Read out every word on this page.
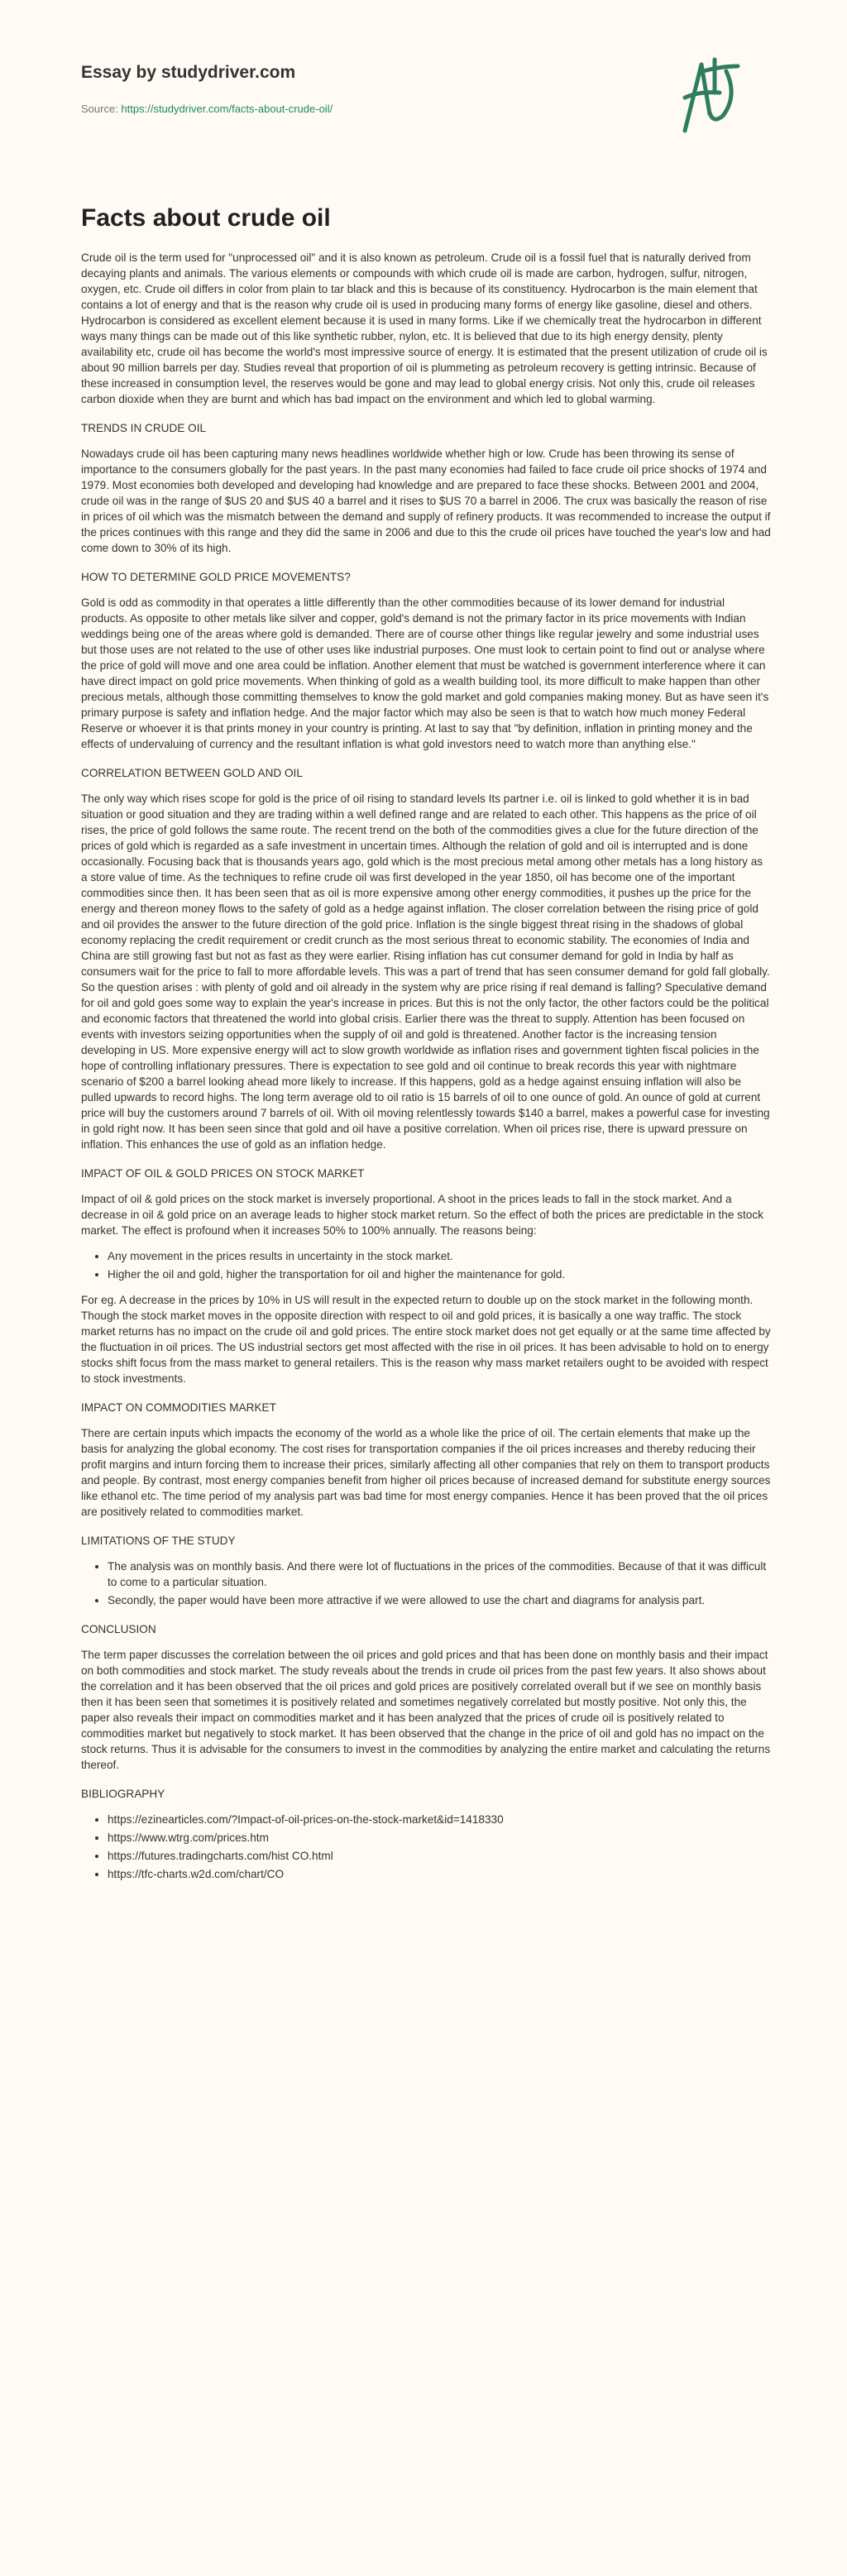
Essay by studydriver.com
Source: https://studydriver.com/facts-about-crude-oil/
Facts about crude oil

Crude oil is the term used for "unprocessed oil" and it is also known as petroleum. Crude oil is a fossil fuel that is naturally derived from decaying plants and animals. The various elements or compounds with which crude oil is made are carbon, hydrogen, sulfur, nitrogen, oxygen, etc. Crude oil differs in color from plain to tar black and this is because of its constituency. Hydrocarbon is the main element that contains a lot of energy and that is the reason why crude oil is used in producing many forms of energy like gasoline, diesel and others. Hydrocarbon is considered as excellent element because it is used in many forms. Like if we chemically treat the hydrocarbon in different ways many things can be made out of this like synthetic rubber, nylon, etc. It is believed that due to its high energy density, plenty availability etc, crude oil has become the world's most impressive source of energy. It is estimated that the present utilization of crude oil is about 90 million barrels per day. Studies reveal that proportion of oil is plummeting as petroleum recovery is getting intrinsic. Because of these increased in consumption level, the reserves would be gone and may lead to global energy crisis. Not only this, crude oil releases carbon dioxide when they are burnt and which has bad impact on the environment and which led to global warming.

TRENDS IN CRUDE OIL

Nowadays crude oil has been capturing many news headlines worldwide whether high or low. Crude has been throwing its sense of importance to the consumers globally for the past years. In the past many economies had failed to face crude oil price shocks of 1974 and 1979. Most economies both developed and developing had knowledge and are prepared to face these shocks. Between 2001 and 2004, crude oil was in the range of $US 20 and $US 40 a barrel and it rises to $US 70 a barrel in 2006. The crux was basically the reason of rise in prices of oil which was the mismatch between the demand and supply of refinery products. It was recommended to increase the output if the prices continues with this range and they did the same in 2006 and due to this the crude oil prices have touched the year's low and had come down to 30% of its high.

HOW TO DETERMINE GOLD PRICE MOVEMENTS?

Gold is odd as commodity in that operates a little differently than the other commodities because of its lower demand for industrial products. As opposite to other metals like silver and copper, gold's demand is not the primary factor in its price movements with Indian weddings being one of the areas where gold is demanded. There are of course other things like regular jewelry and some industrial uses but those uses are not related to the use of other uses like industrial purposes. One must look to certain point to find out or analyse where the price of gold will move and one area could be inflation. Another element that must be watched is government interference where it can have direct impact on gold price movements. When thinking of gold as a wealth building tool, its more difficult to make happen than other precious metals, although those committing themselves to know the gold market and gold companies making money. But as have seen it's primary purpose is safety and inflation hedge. And the major factor which may also be seen is that to watch how much money Federal Reserve or whoever it is that prints money in your country is printing. At last to say that "by definition, inflation in printing money and the effects of undervaluing of currency and the resultant inflation is what gold investors need to watch more than anything else."

CORRELATION BETWEEN GOLD AND OIL

The only way which rises scope for gold is the price of oil rising to standard levels Its partner i.e. oil is linked to gold whether it is in bad situation or good situation and they are trading within a well defined range and are related to each other. This happens as the price of oil rises, the price of gold follows the same route. The recent trend on the both of the commodities gives a clue for the future direction of the prices of gold which is regarded as a safe investment in uncertain times. Although the relation of gold and oil is interrupted and is done occasionally. Focusing back that is thousands years ago, gold which is the most precious metal among other metals has a long history as a store value of time. As the techniques to refine crude oil was first developed in the year 1850, oil has become one of the important commodities since then. It has been seen that as oil is more expensive among other energy commodities, it pushes up the price for the energy and thereon money flows to the safety of gold as a hedge against inflation. The closer correlation between the rising price of gold and oil provides the answer to the future direction of the gold price. Inflation is the single biggest threat rising in the shadows of global economy replacing the credit requirement or credit crunch as the most serious threat to economic stability. The economies of India and China are still growing fast but not as fast as they were earlier. Rising inflation has cut consumer demand for gold in India by half as consumers wait for the price to fall to more affordable levels. This was a part of trend that has seen consumer demand for gold fall globally. So the question arises : with plenty of gold and oil already in the system why are price rising if real demand is falling? Speculative demand for oil and gold goes some way to explain the year's increase in prices. But this is not the only factor, the other factors could be the political and economic factors that threatened the world into global crisis. Earlier there was the threat to supply. Attention has been focused on events with investors seizing opportunities when the supply of oil and gold is threatened. Another factor is the increasing tension developing in US. More expensive energy will act to slow growth worldwide as inflation rises and government tighten fiscal policies in the hope of controlling inflationary pressures. There is expectation to see gold and oil continue to break records this year with nightmare scenario of $200 a barrel looking ahead more likely to increase. If this happens, gold as a hedge against ensuing inflation will also be pulled upwards to record highs. The long term average old to oil ratio is 15 barrels of oil to one ounce of gold. An ounce of gold at current price will buy the customers around 7 barrels of oil. With oil moving relentlessly towards $140 a barrel, makes a powerful case for investing in gold right now. It has been seen since that gold and oil have a positive correlation. When oil prices rise, there is upward pressure on inflation. This enhances the use of gold as an inflation hedge.

IMPACT OF OIL & GOLD PRICES ON STOCK MARKET

Impact of oil & gold prices on the stock market is inversely proportional. A shoot in the prices leads to fall in the stock market. And a decrease in oil & gold price on an average leads to higher stock market return. So the effect of both the prices are predictable in the stock market. The effect is profound when it increases 50% to 100% annually. The reasons being:

• Any movement in the prices results in uncertainty in the stock market.
• Higher the oil and gold, higher the transportation for oil and higher the maintenance for gold.

For eg. A decrease in the prices by 10% in US will result in the expected return to double up on the stock market in the following month. Though the stock market moves in the opposite direction with respect to oil and gold prices, it is basically a one way traffic. The stock market returns has no impact on the crude oil and gold prices. The entire stock market does not get equally or at the same time affected by the fluctuation in oil prices. The US industrial sectors get most affected with the rise in oil prices. It has been advisable to hold on to energy stocks shift focus from the mass market to general retailers. This is the reason why mass market retailers ought to be avoided with respect to stock investments.

IMPACT ON COMMODITIES MARKET

There are certain inputs which impacts the economy of the world as a whole like the price of oil. The certain elements that make up the basis for analyzing the global economy. The cost rises for transportation companies if the oil prices increases and thereby reducing their profit margins and inturn forcing them to increase their prices, similarly affecting all other companies that rely on them to transport products and people. By contrast, most energy companies benefit from higher oil prices because of increased demand for substitute energy sources like ethanol etc. The time period of my analysis part was bad time for most energy companies. Hence it has been proved that the oil prices are positively related to commodities market.

LIMITATIONS OF THE STUDY
• The analysis was on monthly basis. And there were lot of fluctuations in the prices of the commodities. Because of that it was difficult to come to a particular situation.
• Secondly, the paper would have been more attractive if we were allowed to use the chart and diagrams for analysis part.
CONCLUSION

The term paper discusses the correlation between the oil prices and gold prices and that has been done on monthly basis and their impact on both commodities and stock market. The study reveals about the trends in crude oil prices from the past few years. It also shows about the correlation and it has been observed that the oil prices and gold prices are positively correlated overall but if we see on monthly basis then it has been seen that sometimes it is positively related and sometimes negatively correlated but mostly positive. Not only this, the paper also reveals their impact on commodities market and it has been analyzed that the prices of crude oil is positively related to commodities market but negatively to stock market. It has been observed that the change in the price of oil and gold has no impact on the stock returns. Thus it is advisable for the consumers to invest in the commodities by analyzing the entire market and calculating the returns thereof.

BIBLIOGRAPHY
• https://ezinearticles.com/?Impact-of-oil-prices-on-the-stock-market&id=1418330
• https://www.wtrg.com/prices.htm
• https://futures.tradingcharts.com/hist CO.html
• https://tfc-charts.w2d.com/chart/CO
